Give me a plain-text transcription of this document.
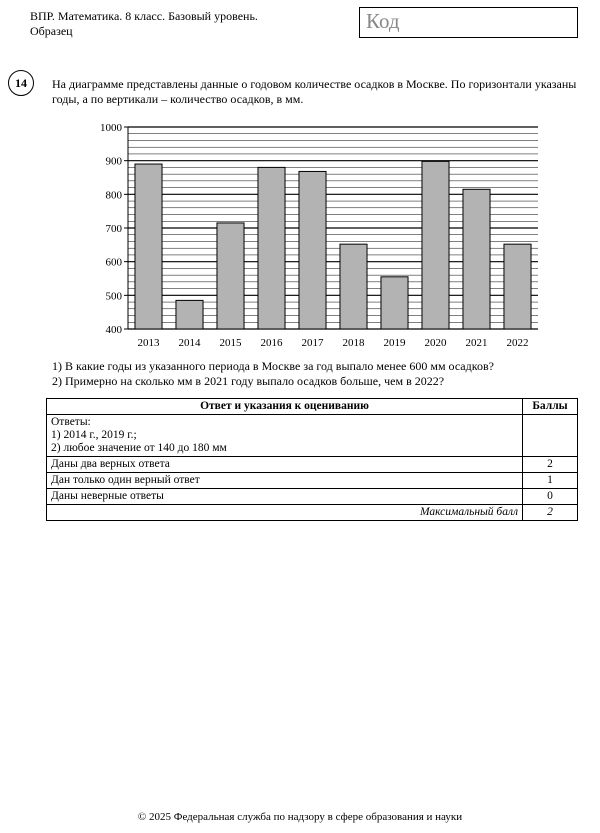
ВПР. Математика. 8 класс. Базовый уровень.
Образец	Код
14	На диаграмме представлены данные о годовом количестве осадков в Москве. По горизонтали указаны годы, а по вертикали – количество осадков, в мм.
400
500
600
700
800
900
1000
2013 2014 2015 2016 2017 2018 2019 2020 2021 2022
1) В какие годы из указанного периода в Москве за год выпало менее 600 мм осадков?
2) Примерно на сколько мм в 2021 году выпало осадков больше, чем в 2022?
Ответ и указания к оцениванию	Баллы

Ответы:
1) 2014 г., 2019 г.;
2) любое значение от 140 до 180 мм	

Даны два верных ответа	2
Дан только один верный ответ	1
Даны неверные ответы	0
Максимальный балл	2
© 2025 Федеральная служба по надзору в сфере образования и науки
